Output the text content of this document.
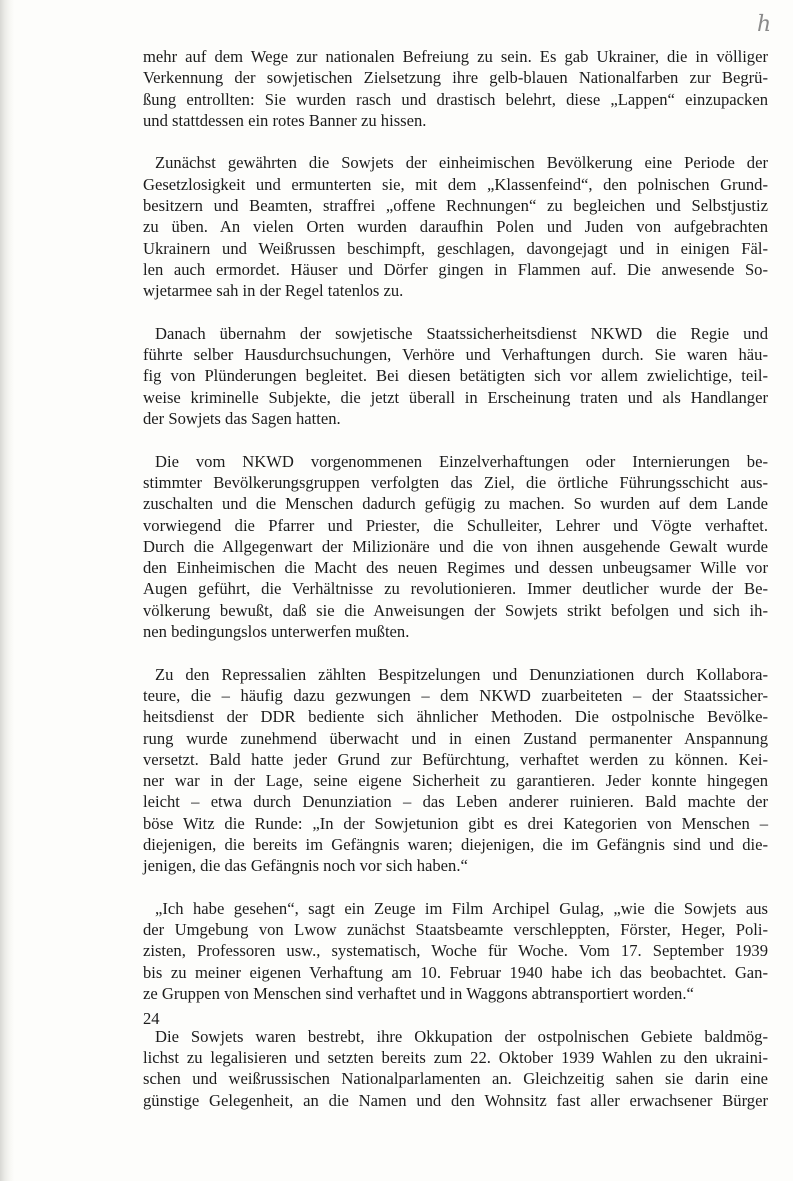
h
mehr auf dem Wege zur nationalen Befreiung zu sein. Es gab Ukrainer, die in völliger
Verkennung der sowjetischen Zielsetzung ihre gelb-blauen Nationalfarben zur Begrü-
ßung entrollten: Sie wurden rasch und drastisch belehrt, diese „Lappen“ einzupacken
und stattdessen ein rotes Banner zu hissen.
Zunächst gewährten die Sowjets der einheimischen Bevölkerung eine Periode der
Gesetzlosigkeit und ermunterten sie, mit dem „Klassenfeind“, den polnischen Grund-
besitzern und Beamten, straffrei „offene Rechnungen“ zu begleichen und Selbstjustiz
zu üben. An vielen Orten wurden daraufhin Polen und Juden von aufgebrachten
Ukrainern und Weißrussen beschimpft, geschlagen, davongejagt und in einigen Fäl-
len auch ermordet. Häuser und Dörfer gingen in Flammen auf. Die anwesende So-
wjetarmee sah in der Regel tatenlos zu.
Danach übernahm der sowjetische Staatssicherheitsdienst NKWD die Regie und
führte selber Hausdurchsuchungen, Verhöre und Verhaftungen durch. Sie waren häu-
fig von Plünderungen begleitet. Bei diesen betätigten sich vor allem zwielichtige, teil-
weise kriminelle Subjekte, die jetzt überall in Erscheinung traten und als Handlanger
der Sowjets das Sagen hatten.
Die vom NKWD vorgenommenen Einzelverhaftungen oder Internierungen be-
stimmter Bevölkerungsgruppen verfolgten das Ziel, die örtliche Führungsschicht aus-
zuschalten und die Menschen dadurch gefügig zu machen. So wurden auf dem Lande
vorwiegend die Pfarrer und Priester, die Schulleiter, Lehrer und Vögte verhaftet.
Durch die Allgegenwart der Milizionäre und die von ihnen ausgehende Gewalt wurde
den Einheimischen die Macht des neuen Regimes und dessen unbeugsamer Wille vor
Augen geführt, die Verhältnisse zu revolutionieren. Immer deutlicher wurde der Be-
völkerung bewußt, daß sie die Anweisungen der Sowjets strikt befolgen und sich ih-
nen bedingungslos unterwerfen mußten.
Zu den Repressalien zählten Bespitzelungen und Denunziationen durch Kollabora-
teure, die – häufig dazu gezwungen – dem NKWD zuarbeiteten – der Staatssicher-
heitsdienst der DDR bediente sich ähnlicher Methoden. Die ostpolnische Bevölke-
rung wurde zunehmend überwacht und in einen Zustand permanenter Anspannung
versetzt. Bald hatte jeder Grund zur Befürchtung, verhaftet werden zu können. Kei-
ner war in der Lage, seine eigene Sicherheit zu garantieren. Jeder konnte hingegen
leicht – etwa durch Denunziation – das Leben anderer ruinieren. Bald machte der
böse Witz die Runde: „In der Sowjetunion gibt es drei Kategorien von Menschen –
diejenigen, die bereits im Gefängnis waren; diejenigen, die im Gefängnis sind und die-
jenigen, die das Gefängnis noch vor sich haben.“
„Ich habe gesehen“, sagt ein Zeuge im Film Archipel Gulag, „wie die Sowjets aus
der Umgebung von Lwow zunächst Staatsbeamte verschleppten, Förster, Heger, Poli-
zisten, Professoren usw., systematisch, Woche für Woche. Vom 17. September 1939
bis zu meiner eigenen Verhaftung am 10. Februar 1940 habe ich das beobachtet. Gan-
ze Gruppen von Menschen sind verhaftet und in Waggons abtransportiert worden.“
Die Sowjets waren bestrebt, ihre Okkupation der ostpolnischen Gebiete baldmög-
lichst zu legalisieren und setzten bereits zum 22. Oktober 1939 Wahlen zu den ukraini-
schen und weißrussischen Nationalparlamenten an. Gleichzeitig sahen sie darin eine
günstige Gelegenheit, an die Namen und den Wohnsitz fast aller erwachsener Bürger
24
